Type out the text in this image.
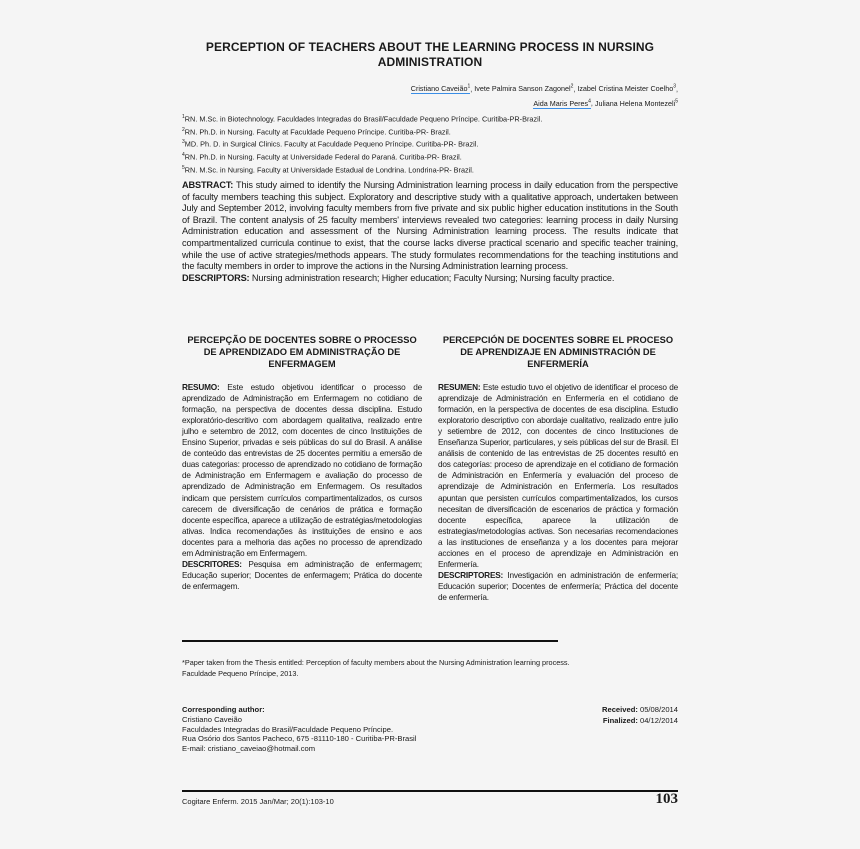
PERCEPTION OF TEACHERS ABOUT THE LEARNING PROCESS IN NURSING ADMINISTRATION
Cristiano Caveião$^1$, Ivete Palmira Sanson Zagonel$^2$, Izabel Cristina Meister Coelho$^3$,
Aida Maris Peres$^4$, Juliana Helena Montezeli$^5$
$^1$RN. M.Sc. in Biotechnology. Faculdades Integradas do Brasil/Faculdade Pequeno Príncipe. Curitiba-PR-Brazil.
$^2$RN. Ph.D. in Nursing. Faculty at Faculdade Pequeno Príncipe. Curitiba-PR- Brazil.
$^3$MD. Ph. D. in Surgical Clinics. Faculty at Faculdade Pequeno Príncipe. Curitiba-PR- Brazil.
$^4$RN. Ph.D. in Nursing. Faculty at Universidade Federal do Paraná. Curitiba-PR- Brazil.
$^5$RN. M.Sc. in Nursing. Faculty at Universidade Estadual de Londrina. Londrina-PR- Brazil.
ABSTRACT: This study aimed to identify the Nursing Administration learning process in daily education from the perspective of faculty members teaching this subject. Exploratory and descriptive study with a qualitative approach, undertaken between July and September 2012, involving faculty members from five private and six public higher education institutions in the South of Brazil. The content analysis of 25 faculty members' interviews revealed two categories: learning process in daily Nursing Administration education and assessment of the Nursing Administration learning process. The results indicate that compartmentalized curricula continue to exist, that the course lacks diverse practical scenario and specific teacher training, while the use of active strategies/methods appears. The study formulates recommendations for the teaching institutions and the faculty members in order to improve the actions in the Nursing Administration learning process.
DESCRIPTORS: Nursing administration research; Higher education; Faculty Nursing; Nursing faculty practice.
PERCEPÇÃO DE DOCENTES SOBRE O PROCESSO DE APRENDIZADO EM ADMINISTRAÇÃO DE ENFERMAGEM
RESUMO: Este estudo objetivou identificar o processo de aprendizado de Administração em Enfermagem no cotidiano de formação, na perspectiva de docentes dessa disciplina. Estudo exploratório-descritivo com abordagem qualitativa, realizado entre julho e setembro de 2012, com docentes de cinco Instituições de Ensino Superior, privadas e seis públicas do sul do Brasil. A análise de conteúdo das entrevistas de 25 docentes permitiu a emersão de duas categorias: processo de aprendizado no cotidiano de formação de Administração em Enfermagem e avaliação do processo de aprendizado de Administração em Enfermagem. Os resultados indicam que persistem currículos compartimentalizados, os cursos carecem de diversificação de cenários de prática e formação docente específica, aparece a utilização de estratégias/metodologias ativas. Indica recomendações às instituições de ensino e aos docentes para a melhoria das ações no processo de aprendizado em Administração em Enfermagem.
DESCRITORES: Pesquisa em administração de enfermagem; Educação superior; Docentes de enfermagem; Prática do docente de enfermagem.
PERCEPCIÓN DE DOCENTES SOBRE EL PROCESO DE APRENDIZAJE EN ADMINISTRACIÓN DE ENFERMERÍA
RESUMEN: Este estudio tuvo el objetivo de identificar el proceso de aprendizaje de Administración en Enfermería en el cotidiano de formación, en la perspectiva de docentes de esa disciplina. Estudio exploratorio descriptivo con abordaje cualitativo, realizado entre julio y setiembre de 2012, con docentes de cinco Instituciones de Enseñanza Superior, particulares, y seis públicas del sur de Brasil. El análisis de contenido de las entrevistas de 25 docentes resultó en dos categorías: proceso de aprendizaje en el cotidiano de formación de Administración en Enfermería y evaluación del proceso de aprendizaje de Administración en Enfermería. Los resultados apuntan que persisten currículos compartimentalizados, los cursos necesitan de diversificación de escenarios de práctica y formación docente específica, aparece la utilización de estrategias/metodologías activas. Son necesarias recomendaciones a las instituciones de enseñanza y a los docentes para mejorar acciones en el proceso de aprendizaje en Administración en Enfermería.
DESCRIPTORES: Investigación en administración de enfermería; Educación superior; Docentes de enfermería; Práctica del docente de enfermería.
*Paper taken from the Thesis entitled: Perception of faculty members about the Nursing Administration learning process. Faculdade Pequeno Príncipe, 2013.
Corresponding author:
Cristiano Caveião
Faculdades Integradas do Brasil/Faculdade Pequeno Príncipe.
Rua Osório dos Santos Pacheco, 675 -81110-180 - Curitiba-PR-Brasil
E-mail: cristiano_caveiao@hotmail.com
Received: 05/08/2014
Finalized: 04/12/2014
Cogitare Enferm. 2015 Jan/Mar; 20(1):103-10	103
